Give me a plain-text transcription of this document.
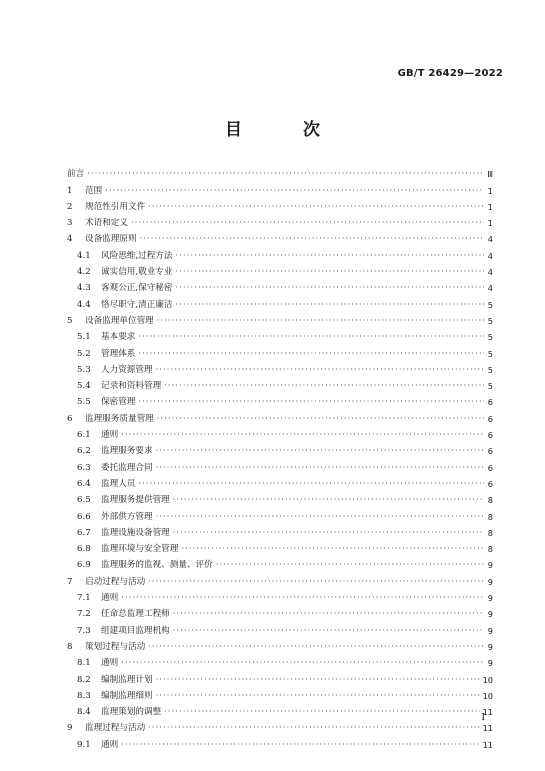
GB/T 26429—2022
目　次
前言 ·····	Ⅲ
1	范围 ·····	1
2	规范性引用文件 ·····	1
3	术语和定义 ·····	1
4	设备监理原则 ·····	4
4.1	风险思维,过程方法 ·····	4
4.2	诚实信用,敬业专业 ·····	4
4.3	客观公正,保守秘密 ·····	4
4.4	恪尽职守,清正廉洁 ·····	5
5	设备监理单位管理 ·····	5
5.1	基本要求 ·····	5
5.2	管理体系 ·····	5
5.3	人力资源管理 ·····	5
5.4	记录和资料管理 ·····	5
5.5	保密管理 ·····	6
6	监理服务质量管理 ·····	6
6.1	通则 ·····	6
6.2	监理服务要求 ·····	6
6.3	委托监理合同 ·····	6
6.4	监理人员 ·····	6
6.5	监理服务提供管理 ·····	8
6.6	外部供方管理 ·····	8
6.7	监理设施设备管理 ·····	8
6.8	监理环境与安全管理 ·····	8
6.9	监理服务的监视、测量、评价 ·····	9
7	启动过程与活动 ·····	9
7.1	通则 ·····	9
7.2	任命总监理工程师 ·····	9
7.3	组建项目监理机构 ·····	9
8	策划过程与活动 ·····	9
8.1	通则 ·····	9
8.2	编制监理计划 ·····	10
8.3	编制监理细则 ·····	10
8.4	监理策划的调整 ·····	11
9	监理过程与活动 ·····	11
9.1	通则 ·····	11
I
